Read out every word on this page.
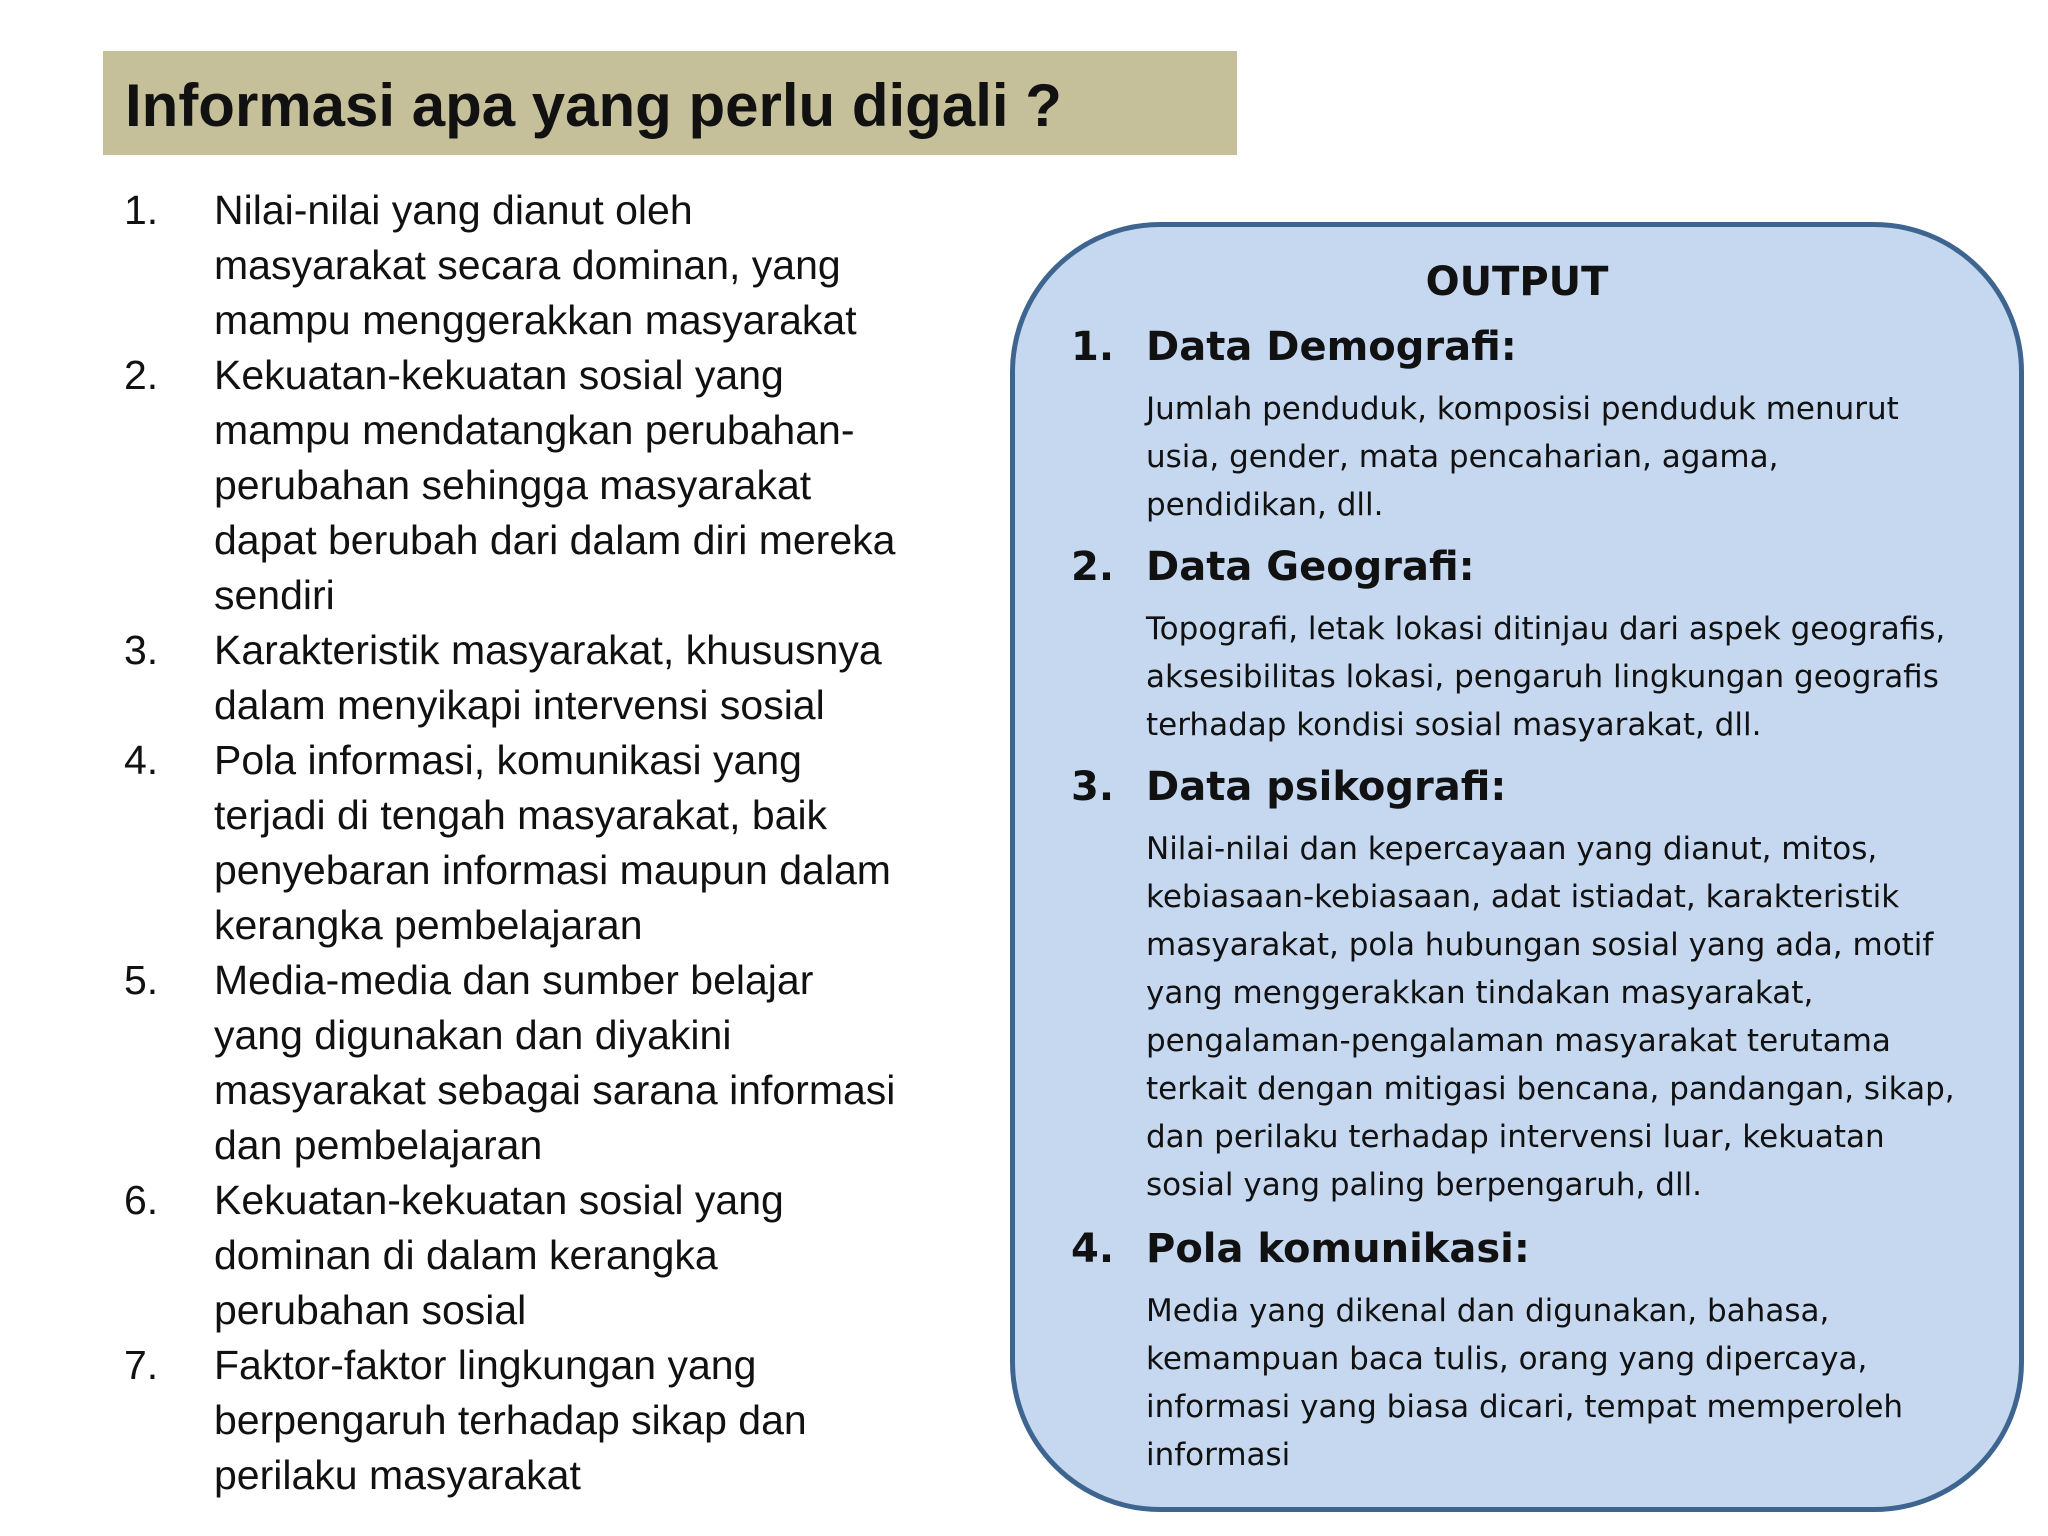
Informasi apa yang perlu digali ?
1.	Nilai-nilai yang dianut oleh
masyarakat secara dominan, yang
mampu menggerakkan masyarakat
2.	Kekuatan-kekuatan sosial yang
mampu mendatangkan perubahan-
perubahan sehingga masyarakat
dapat berubah dari dalam diri mereka
sendiri
3.	Karakteristik masyarakat, khususnya
dalam menyikapi intervensi sosial
4.	Pola informasi, komunikasi yang
terjadi di tengah masyarakat, baik
penyebaran informasi maupun dalam
kerangka pembelajaran
5.	Media-media dan sumber belajar
yang digunakan dan diyakini
masyarakat sebagai sarana informasi
dan pembelajaran
6.	Kekuatan-kekuatan sosial yang
dominan di dalam kerangka
perubahan sosial
7.	Faktor-faktor lingkungan yang
berpengaruh terhadap sikap dan
perilaku masyarakat
OUTPUT
1. Data Demografi:
Jumlah penduduk, komposisi penduduk menurut
usia, gender, mata pencaharian, agama,
pendidikan, dll.
2. Data Geografi:
Topografi, letak lokasi ditinjau dari aspek geografis,
aksesibilitas lokasi, pengaruh lingkungan geografis
terhadap kondisi sosial masyarakat, dll.
3. Data psikografi:
Nilai-nilai dan kepercayaan yang dianut, mitos,
kebiasaan-kebiasaan, adat istiadat, karakteristik
masyarakat, pola hubungan sosial yang ada, motif
yang menggerakkan tindakan masyarakat,
pengalaman-pengalaman masyarakat terutama
terkait dengan mitigasi bencana, pandangan, sikap,
dan perilaku terhadap intervensi luar, kekuatan
sosial yang paling berpengaruh, dll.
4. Pola komunikasi:
Media yang dikenal dan digunakan, bahasa,
kemampuan baca tulis, orang yang dipercaya,
informasi yang biasa dicari, tempat memperoleh
informasi
